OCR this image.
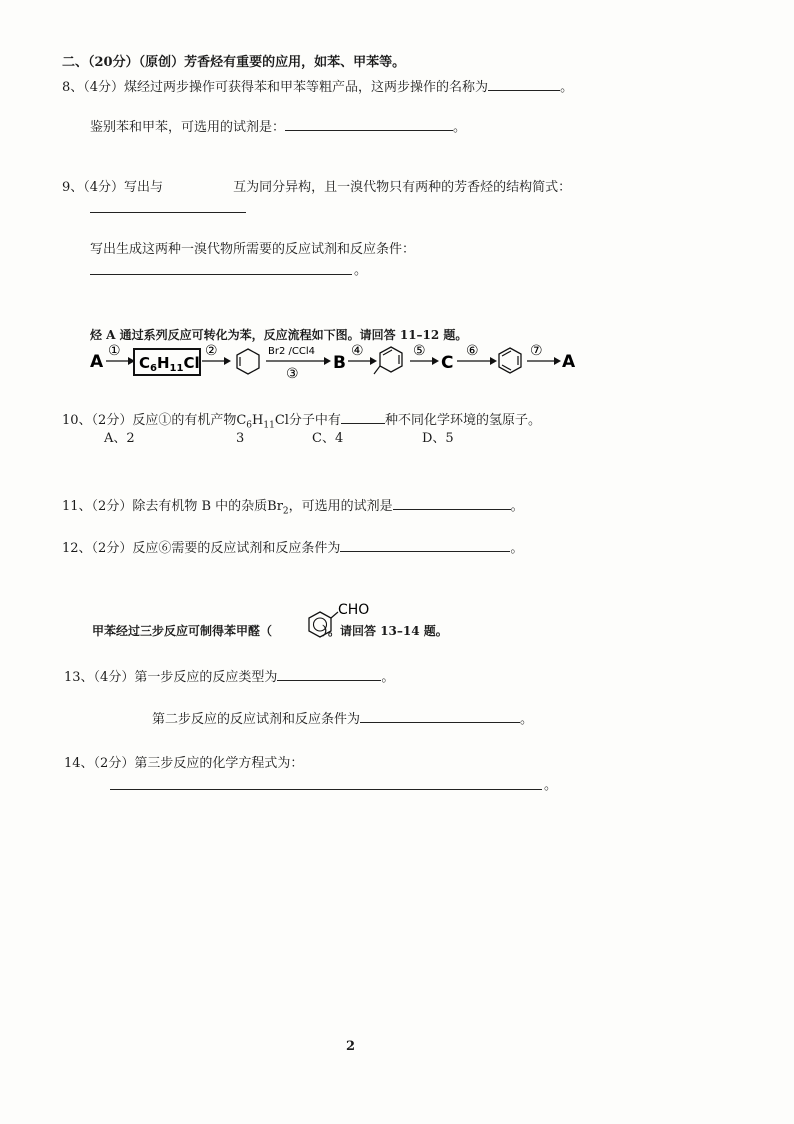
二、（20分）（原创）芳香烃有重要的应用，如苯、甲苯等。
8、（4分）煤经过两步操作可获得苯和甲苯等粗产品，这两步操作的名称为	。
鉴别苯和甲苯，可选用的试剂是：	。
9、（4分）写出与	互为同分异构，且一溴代物只有两种的芳香烃的结构简式：
写出生成这两种一溴代物所需要的反应试剂和反应条件：
。
烃 A 通过系列反应可转化为苯，反应流程如下图。请回答 11–12 题。
A
①
$C_6H_{11}Cl$
②	Br2 /CCl4
③
B
④	⑤
C
⑥	⑦
A
10、（2分）反应①的有机产物$C_6H_{11}Cl$分子中有	种不同化学环境的氢原子。
A、2	3	C、4	D、5
11、（2分）除去有机物 B 中的杂质$Br_2$，可选用的试剂是	。
12、（2分）反应⑥需要的反应试剂和反应条件为	。
甲苯经过三步反应可制得苯甲醛（	）。请回答 13–14 题。
CHO
13、（4分）第一步反应的反应类型为	。
第二步反应的反应试剂和反应条件为	。
14、（2分）第三步反应的化学方程式为：
。
2
